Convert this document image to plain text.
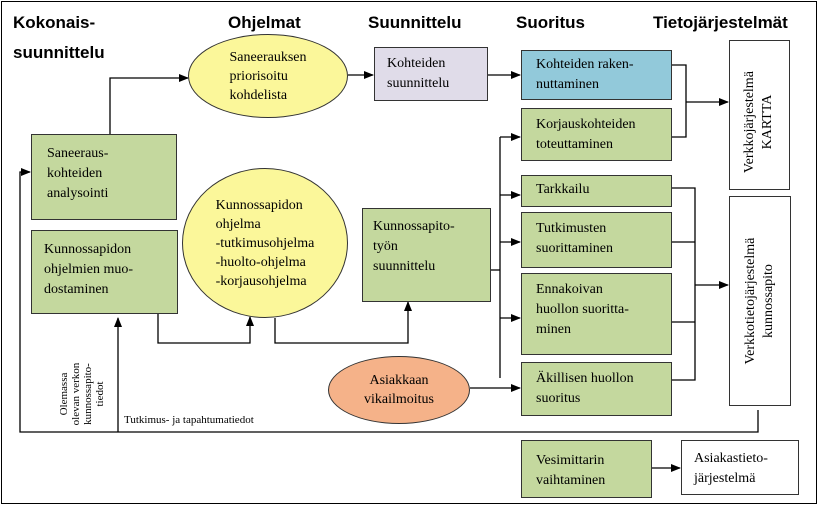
Kokonais-
suunnittelu
Ohjelmat	Suunnittelu	Suoritus	Tietojärjestelmät
Saneeraus-
kohteiden
analysointi
Kunnossapidon
ohjelmien muo-
dostaminen
Saneerauksen
priorisoitu
kohdelista
Kunnossapidon
ohjelma
-tutkimusohjelma
-huolto-ohjelma
-korjausohjelma
Asiakkaan
vikailmoitus
Kohteiden
suunnittelu
Kunnossapito-
työn
suunnittelu
Kohteiden raken-
nuttaminen
Korjauskohteiden
toteuttaminen
Tarkkailu
Tutkimusten
suorittaminen
Ennakoivan
huollon suoritta-
minen
Äkillisen huollon
suoritus
Vesimittarin
vaihtaminen
Verkkojärjestelmä
KARTTA
Verkkotietojärjestelmä
kunnossapito
Asiakastieto-
järjestelmä
Olemassa
olevan verkon
kunnossapito-
tiedot
Tutkimus- ja tapahtumatiedot
